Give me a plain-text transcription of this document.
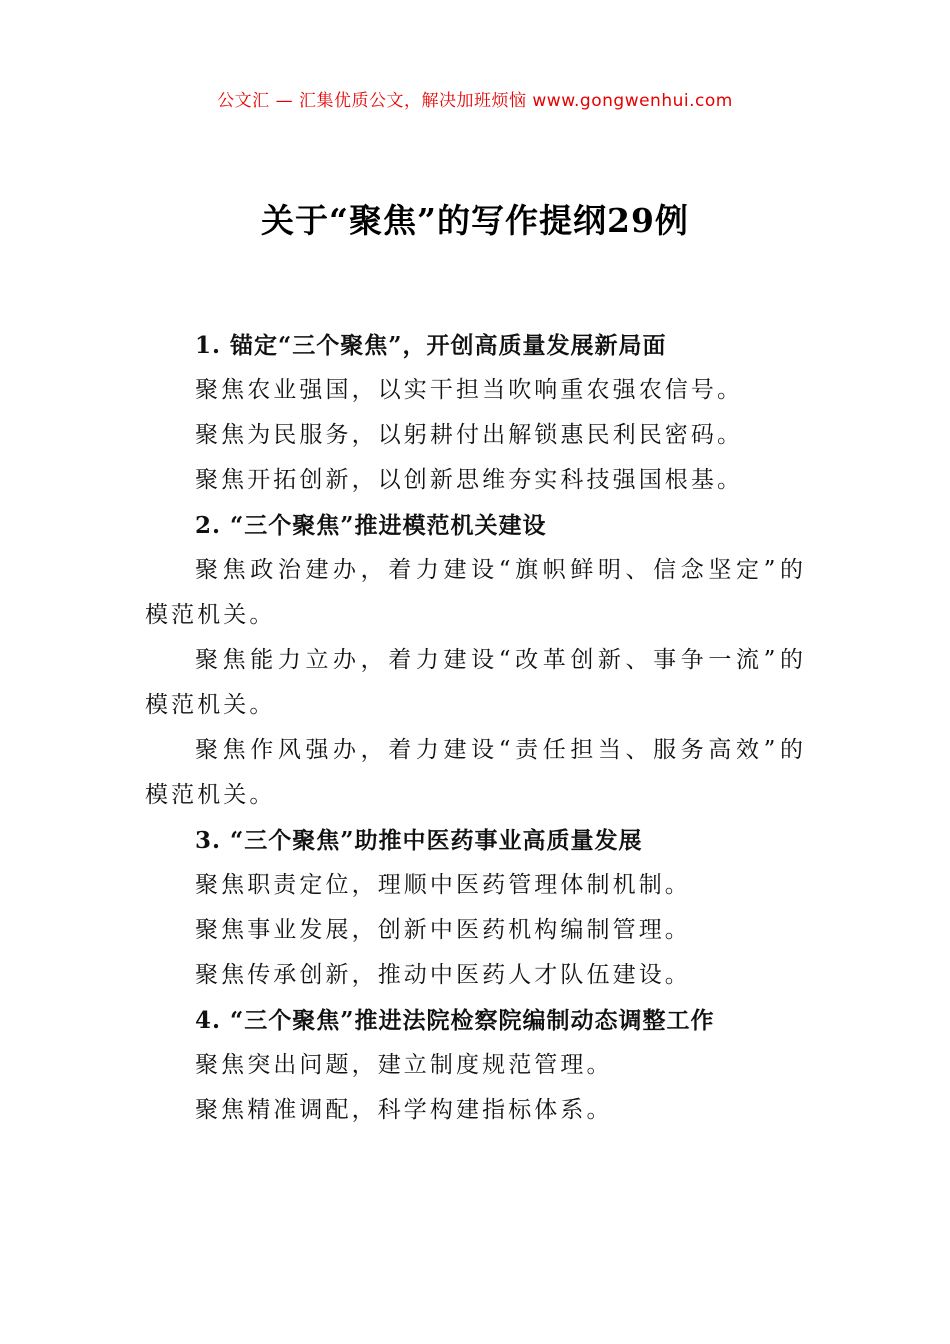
公文汇 — 汇集优质公文，解决加班烦恼 www.gongwenhui.com
关于“聚焦”的写作提纲29例
1. 锚定“三个聚焦”，开创高质量发展新局面
聚焦农业强国，以实干担当吹响重农强农信号。
聚焦为民服务，以躬耕付出解锁惠民利民密码。
聚焦开拓创新，以创新思维夯实科技强国根基。
2. “三个聚焦”推进模范机关建设
聚焦政治建办，着力建设“旗帜鲜明、信念坚定”的
模范机关。
聚焦能力立办，着力建设“改革创新、事争一流”的
模范机关。
聚焦作风强办，着力建设“责任担当、服务高效”的
模范机关。
3. “三个聚焦”助推中医药事业高质量发展
聚焦职责定位，理顺中医药管理体制机制。
聚焦事业发展，创新中医药机构编制管理。
聚焦传承创新，推动中医药人才队伍建设。
4. “三个聚焦”推进法院检察院编制动态调整工作
聚焦突出问题，建立制度规范管理。
聚焦精准调配，科学构建指标体系。
